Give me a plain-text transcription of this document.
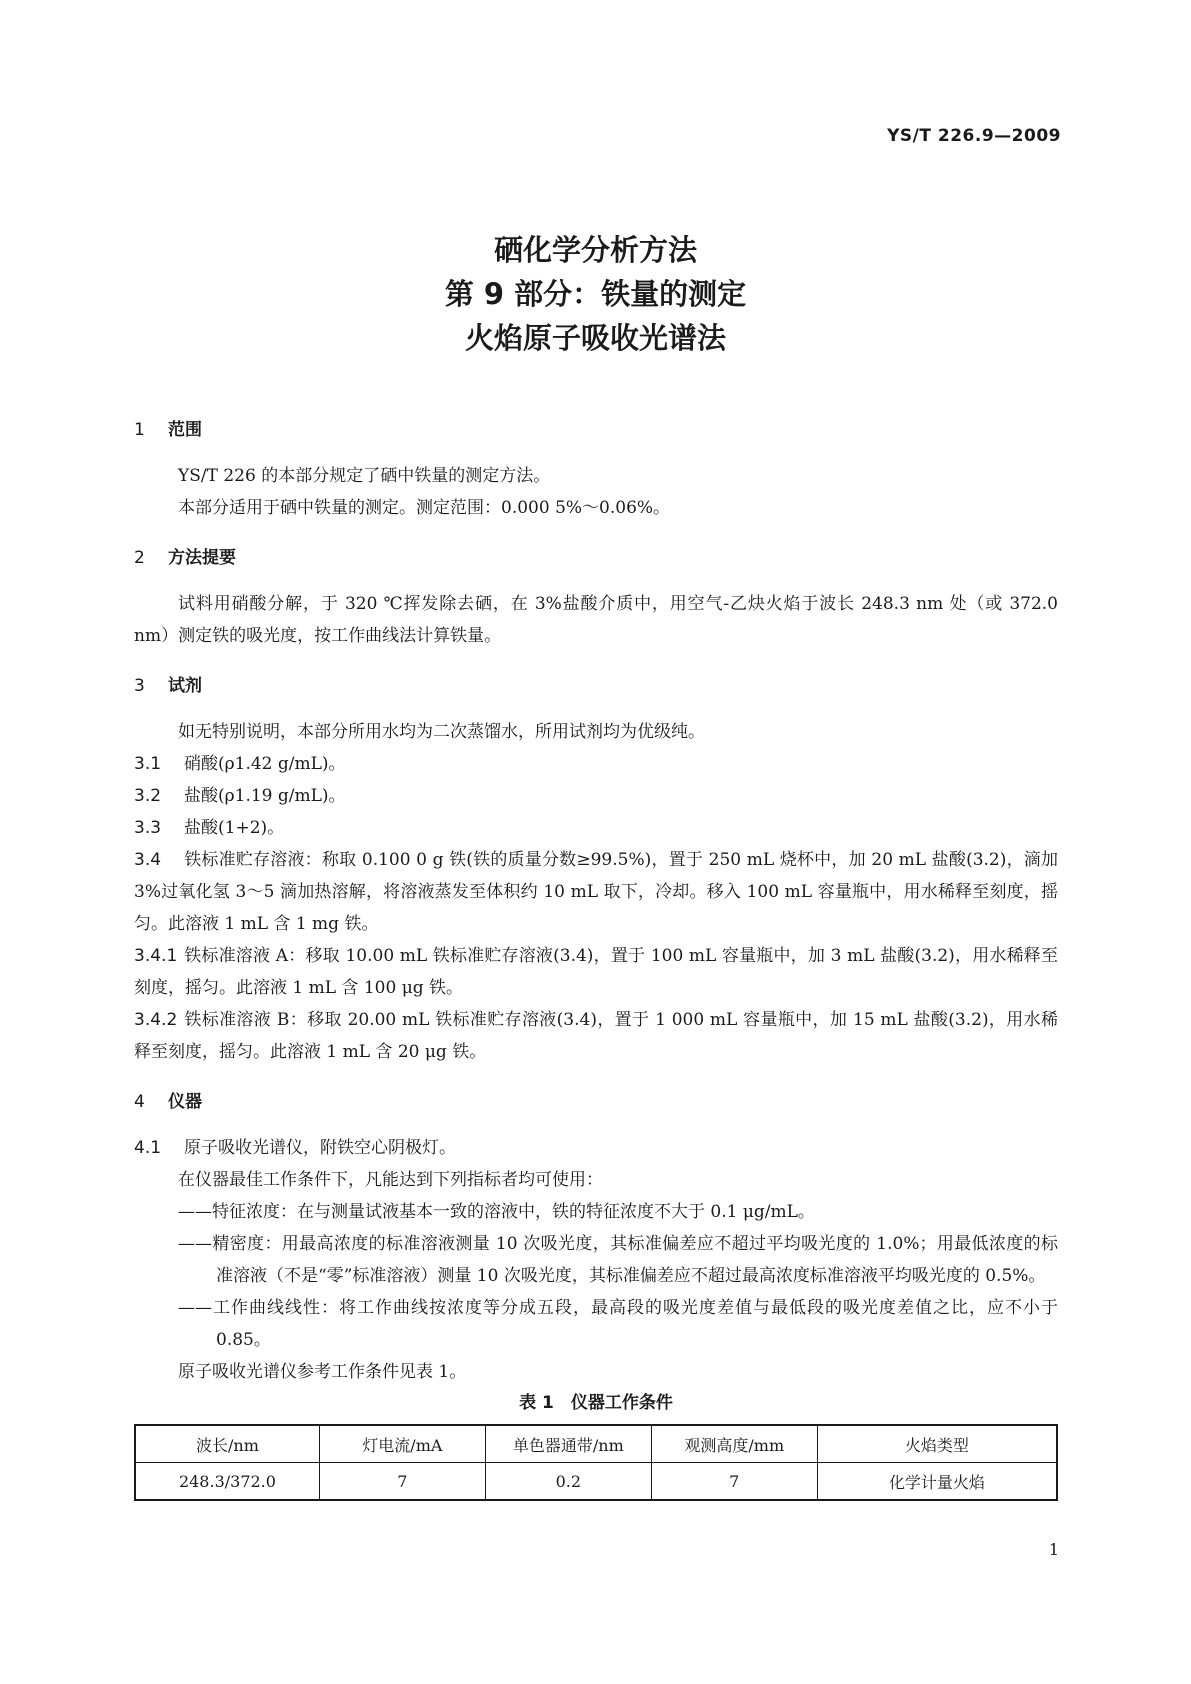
YS/T 226.9—2009
硒化学分析方法
第 9 部分：铁量的测定
火焰原子吸收光谱法
1 范围
YS/T 226 的本部分规定了硒中铁量的测定方法。
本部分适用于硒中铁量的测定。测定范围：0.000 5%～0.06%。
2 方法提要
试料用硝酸分解，于 320 ℃挥发除去硒，在 3%盐酸介质中，用空气-乙炔火焰于波长 248.3 nm 处（或 372.0 nm）测定铁的吸光度，按工作曲线法计算铁量。
3 试剂
如无特别说明，本部分所用水均为二次蒸馏水，所用试剂均为优级纯。
3.1 硝酸(ρ1.42 g/mL)。
3.2 盐酸(ρ1.19 g/mL)。
3.3 盐酸(1+2)。
3.4 铁标准贮存溶液：称取 0.100 0 g 铁(铁的质量分数≥99.5%)，置于 250 mL 烧杯中，加 20 mL 盐酸(3.2)，滴加 3%过氧化氢 3～5 滴加热溶解，将溶液蒸发至体积约 10 mL 取下，冷却。移入 100 mL 容量瓶中，用水稀释至刻度，摇匀。此溶液 1 mL 含 1 mg 铁。
3.4.1 铁标准溶液 A：移取 10.00 mL 铁标准贮存溶液(3.4)，置于 100 mL 容量瓶中，加 3 mL 盐酸(3.2)，用水稀释至刻度，摇匀。此溶液 1 mL 含 100 μg 铁。
3.4.2 铁标准溶液 B：移取 20.00 mL 铁标准贮存溶液(3.4)，置于 1 000 mL 容量瓶中，加 15 mL 盐酸(3.2)，用水稀释至刻度，摇匀。此溶液 1 mL 含 20 μg 铁。
4 仪器
4.1 原子吸收光谱仪，附铁空心阴极灯。
在仪器最佳工作条件下，凡能达到下列指标者均可使用：
——特征浓度：在与测量试液基本一致的溶液中，铁的特征浓度不大于 0.1 μg/mL。
——精密度：用最高浓度的标准溶液测量 10 次吸光度，其标准偏差应不超过平均吸光度的 1.0%；用最低浓度的标准溶液（不是“零”标准溶液）测量 10 次吸光度，其标准偏差应不超过最高浓度标准溶液平均吸光度的 0.5%。
——工作曲线线性：将工作曲线按浓度等分成五段，最高段的吸光度差值与最低段的吸光度差值之比，应不小于 0.85。
原子吸收光谱仪参考工作条件见表 1。
表 1　仪器工作条件
波长/nm	灯电流/mA	单色器通带/nm	观测高度/mm	火焰类型
248.3/372.0	7	0.2	7	化学计量火焰
1
